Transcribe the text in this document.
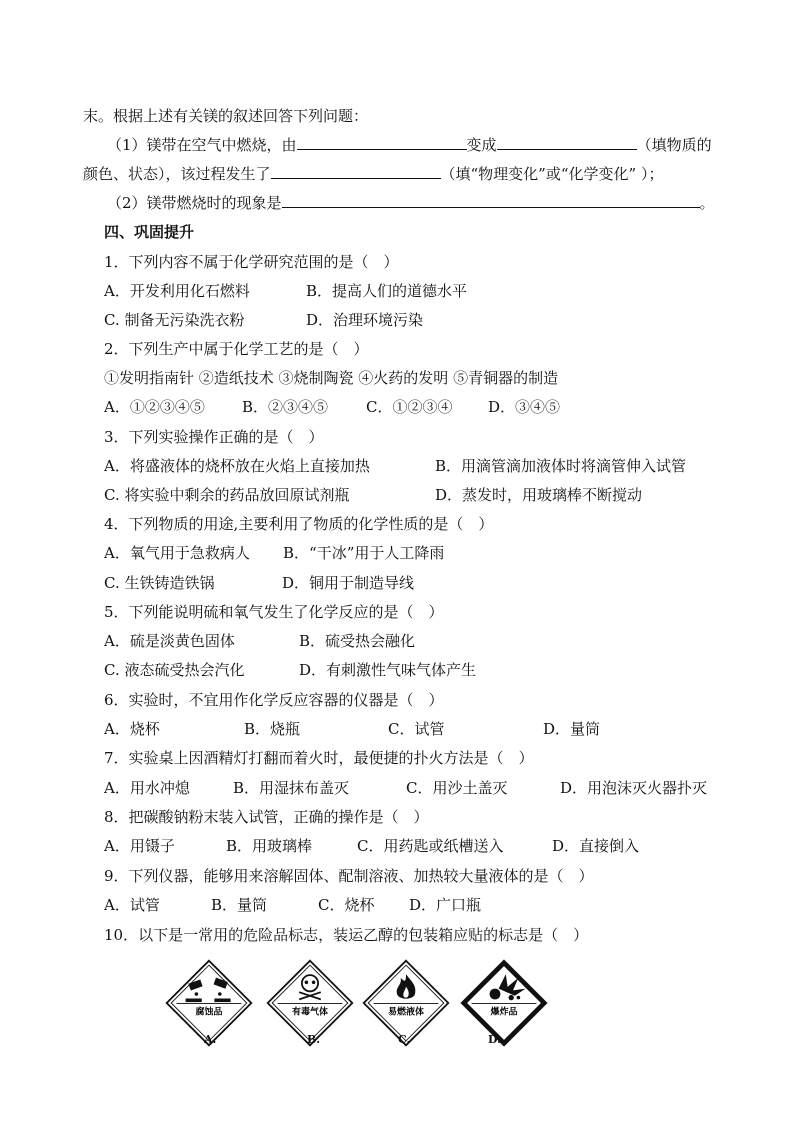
末。根据上述有关镁的叙述回答下列问题：
（1）镁带在空气中燃烧，由	变成	（填物质的
颜色、状态），该过程发生了	（填“物理变化”或“化学变化” ）；
（2）镁带燃烧时的现象是	。
四、巩固提升
1．下列内容不属于化学研究范围的是（　）
A．开发利用化石燃料	B．提高人们的道德水平
C. 制备无污染洗衣粉	D．治理环境污染
2．下列生产中属于化学工艺的是（　）
①发明指南针 ②造纸技术 ③烧制陶瓷 ④火药的发明 ⑤青铜器的制造
A．①②③④⑤ B．②③④⑤	C．①②③④ D．③④⑤
3．下列实验操作正确的是（　）
A．将盛液体的烧杯放在火焰上直接加热	B．用滴管滴加液体时将滴管伸入试管
C. 将实验中剩余的药品放回原试剂瓶	D．蒸发时，用玻璃棒不断搅动
4．下列物质的用途,主要利用了物质的化学性质的是（　）
A．氧气用于急救病人 B．“干冰”用于人工降雨
C. 生铁铸造铁锅	D．铜用于制造导线
5．下列能说明硫和氧气发生了化学反应的是（　）
A．硫是淡黄色固体	B．硫受热会融化
C. 液态硫受热会汽化	D．有刺激性气味气体产生
6．实验时，不宜用作化学反应容器的仪器是（　）
A．烧杯	B．烧瓶	C．试管	D．量筒
7．实验桌上因酒精灯打翻而着火时，最便捷的扑火方法是（　）
A．用水冲熄	B．用湿抹布盖灭	C．用沙土盖灭	D．用泡沫灭火器扑灭
8．把碳酸钠粉末装入试管，正确的操作是（　）
A．用镊子	B．用玻璃棒	C．用药匙或纸槽送入	D．直接倒入
9．下列仪器，能够用来溶解固体、配制溶液、加热较大量液体的是（　）
A．试管	B．量筒	C．烧杯 D．广口瓶
10．以下是一常用的危险品标志，装运乙醇的包装箱应贴的标志是（　）
腐蚀品
A.
有毒气体
B.
易燃液体
C.
爆炸品
D.
